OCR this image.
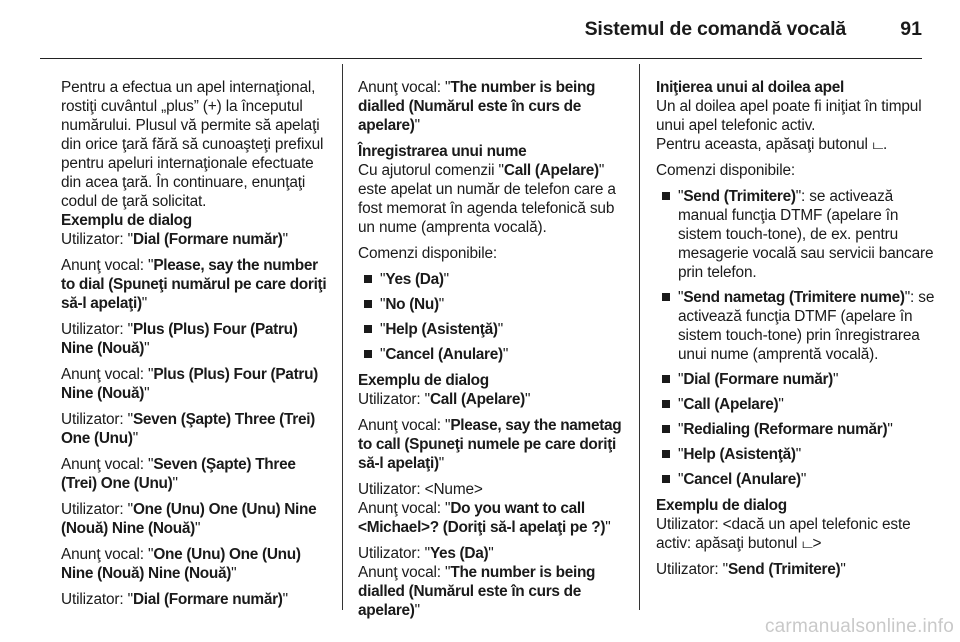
Sistemul de comandă vocală	91

Pentru a efectua un apel internaţional, rostiţi cuvântul „plus” (+) la începutul numărului. Plusul vă permite să apelaţi din orice ţară fără să cunoaşteţi prefixul pentru apeluri internaţionale efectuate din acea ţară. În continuare, enunţaţi codul de ţară solicitat.

Exemplu de dialog

Utilizator: "Dial (Formare număr)"

Anunţ vocal: "Please, say the number to dial (Spuneţi numărul pe care doriţi să-l apelaţi)"

Utilizator: "Plus (Plus) Four (Patru) Nine (Nouă)"

Anunţ vocal: "Plus (Plus) Four (Patru) Nine (Nouă)"

Utilizator: "Seven (Şapte) Three (Trei) One (Unu)"

Anunţ vocal: "Seven (Şapte) Three (Trei) One (Unu)"

Utilizator: "One (Unu) One (Unu) Nine (Nouă) Nine (Nouă)"

Anunţ vocal: "One (Unu) One (Unu) Nine (Nouă) Nine (Nouă)"

Utilizator: "Dial (Formare număr)"

Anunţ vocal: "The number is being dialled (Numărul este în curs de apelare)"

Înregistrarea unui nume

Cu ajutorul comenzii "Call (Apelare)" este apelat un număr de telefon care a fost memorat în agenda telefonică sub un nume (amprenta vocală).

Comenzi disponibile:

"Yes (Da)"
"No (Nu)"
"Help (Asistenţă)"
"Cancel (Anulare)"
Exemplu de dialog

Utilizator: "Call (Apelare)"

Anunţ vocal: "Please, say the nametag to call (Spuneţi numele pe care doriţi să-l apelaţi)"

Utilizator: <Nume>

Anunţ vocal: "Do you want to call <Michael>? (Doriţi să-l apelaţi pe ?)"

Utilizator: "Yes (Da)"

Anunţ vocal: "The number is being dialled (Numărul este în curs de apelare)"

Iniţierea unui al doilea apel

Un al doilea apel poate fi iniţiat în timpul unui apel telefonic activ.
Pentru aceasta, apăsaţi butonul ட.

Comenzi disponibile:

"Send (Trimitere)": se activează manual funcţia DTMF (apelare în sistem touch-tone), de ex. pentru mesagerie vocală sau servicii bancare prin telefon.
"Send nametag (Trimitere nume)": se activează funcţia DTMF (apelare în sistem touch-tone) prin înregistrarea unui nume (amprentă vocală).
"Dial (Formare număr)"
"Call (Apelare)"
"Redialing (Reformare număr)"
"Help (Asistenţă)"
"Cancel (Anulare)"
Exemplu de dialog

Utilizator: <dacă un apel telefonic este activ: apăsaţi butonul ட>

Utilizator: "Send (Trimitere)"

carmanualsonline.info
